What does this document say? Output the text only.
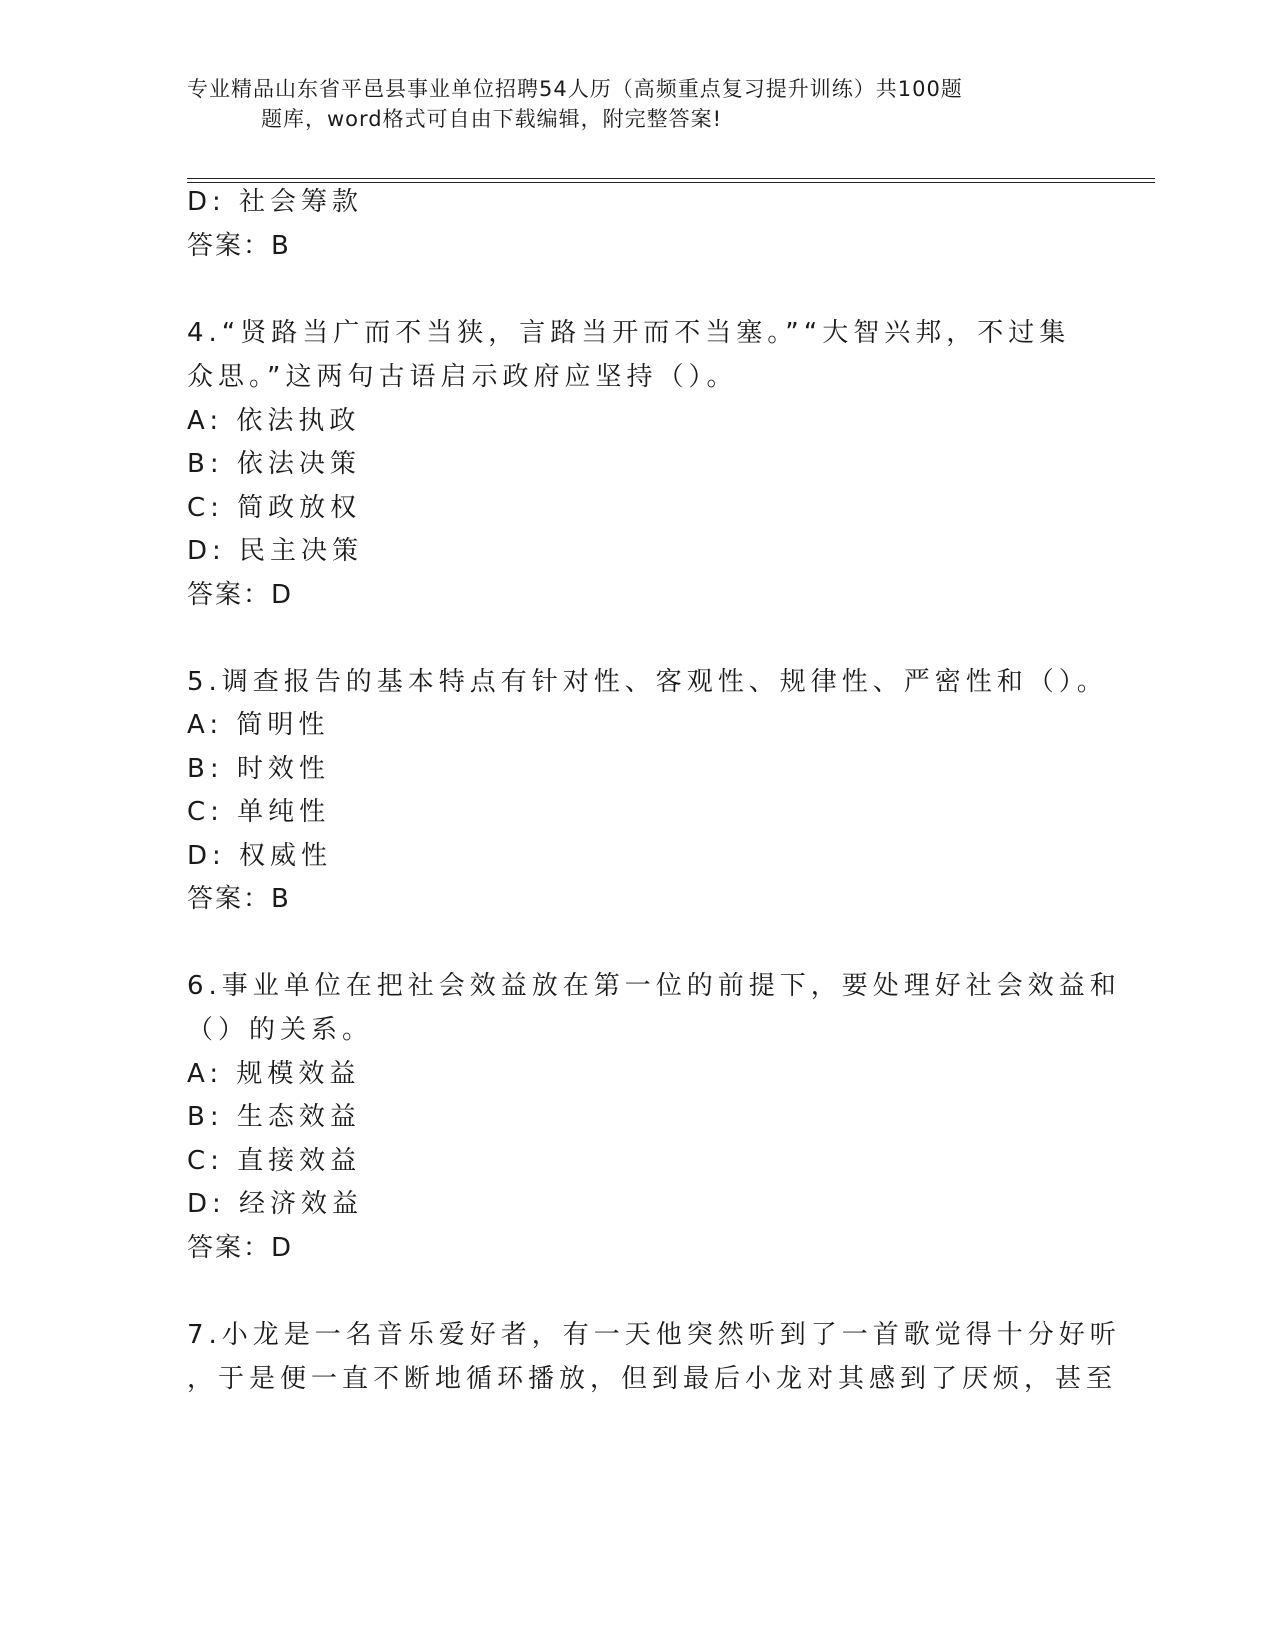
专业精品山东省平邑县事业单位招聘54人历（高频重点复习提升训练）共100题
题库，word格式可自由下载编辑，附完整答案!
D: 社会筹款
答案：B
4.“贤路当广而不当狭，言路当开而不当塞。”“大智兴邦，不过集
众思。”这两句古语启示政府应坚持（）。
A: 依法执政
B: 依法决策
C: 简政放权
D: 民主决策
答案：D
5.调查报告的基本特点有针对性、客观性、规律性、严密性和（）。
A: 简明性
B: 时效性
C: 单纯性
D: 权威性
答案：B
6.事业单位在把社会效益放在第一位的前提下，要处理好社会效益和
（）的关系。
A: 规模效益
B: 生态效益
C: 直接效益
D: 经济效益
答案：D
7.小龙是一名音乐爱好者，有一天他突然听到了一首歌觉得十分好听
，于是便一直不断地循环播放，但到最后小龙对其感到了厌烦，甚至
